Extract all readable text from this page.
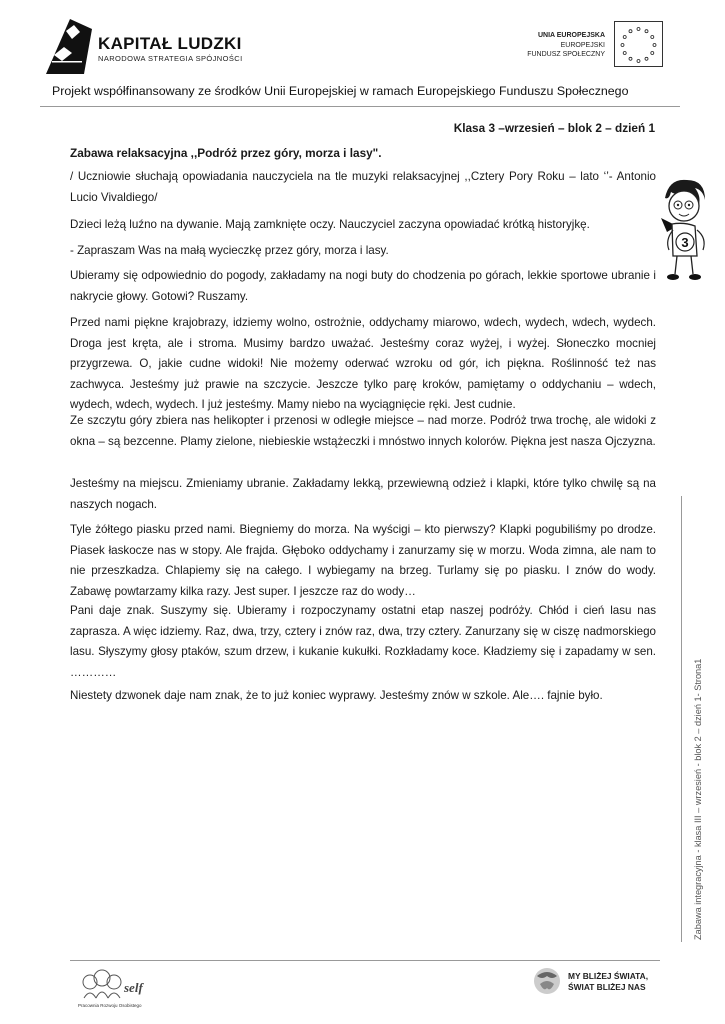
KAPITAŁ LUDZKI
NARODOWA STRATEGIA SPÓJNOŚCI
UNIA EUROPEJSKA
EUROPEJSKI
FUNDUSZ SPOŁECZNY
Projekt współfinansowany ze środków Unii Europejskiej w ramach Europejskiego Funduszu Społecznego
Klasa 3 –wrzesień – blok 2 – dzień 1
Zabawa relaksacyjna ,,Podróż przez góry, morza i lasy".

/ Uczniowie słuchają opowiadania nauczyciela na tle muzyki relaksacyjnej ,,Cztery Pory Roku – lato ‘’- Antonio Lucio Vivaldiego/

Dzieci leżą luźno na dywanie. Mają zamknięte oczy. Nauczyciel zaczyna opowiadać krótką historyjkę.

- Zapraszam Was na małą wycieczkę przez góry, morza i lasy.

Ubieramy się odpowiednio do pogody, zakładamy na nogi buty do chodzenia po górach, lekkie sportowe ubranie i nakrycie głowy. Gotowi? Ruszamy.

Przed nami piękne krajobrazy, idziemy wolno, ostrożnie, oddychamy miarowo, wdech, wydech, wdech, wydech. Droga jest kręta, ale i stroma. Musimy bardzo uważać. Jesteśmy coraz wyżej, i wyżej. Słoneczko mocniej przygrzewa. O, jakie cudne widoki! Nie możemy oderwać wzroku od gór, ich piękna. Roślinność też nas zachwyca. Jesteśmy już prawie na szczycie. Jeszcze tylko parę kroków, pamiętamy o oddychaniu – wdech, wydech, wdech, wydech. I już jesteśmy. Mamy niebo na wyciągnięcie ręki. Jest cudnie.

Ze szczytu góry zbiera nas helikopter i przenosi w odległe miejsce – nad morze. Podróż trwa trochę, ale widoki z okna – są bezcenne. Plamy zielone, niebieskie wstążeczki i mnóstwo innych kolorów. Piękna jest nasza Ojczyzna.

Jesteśmy na miejscu. Zmieniamy ubranie. Zakładamy lekką, przewiewną odzież i klapki, które tylko chwilę są na naszych nogach.

Tyle żółtego piasku przed nami. Biegniemy do morza. Na wyścigi – kto pierwszy? Klapki pogubiliśmy po drodze. Piasek łaskocze nas w stopy. Ale frajda. Głęboko oddychamy i zanurzamy się w morzu. Woda zimna, ale nam to nie przeszkadza. Chlapiemy się na całego. I wybiegamy na brzeg. Turlamy się po piasku. I znów do wody. Zabawę powtarzamy kilka razy. Jest super. I jeszcze raz do wody…

Pani daje znak. Suszymy się. Ubieramy i rozpoczynamy ostatni etap naszej podróży. Chłód i cień lasu nas zaprasza. A więc idziemy. Raz, dwa, trzy, cztery i znów raz, dwa, trzy cztery. Zanurzany się w ciszę nadmorskiego lasu. Słyszymy głosy ptaków, szum drzew, i kukanie kukułki. Rozkładamy koce. Kładziemy się i zapadamy w sen. …………

Niestety dzwonek daje nam znak, że to już koniec wyprawy. Jesteśmy znów w szkole. Ale…. fajnie było.

3
Zabawa integracyjna - klasa III – wrzesień - blok 2 – dzień 1- Strona1
self
Pracownia Rozwoju Osobistego
MY BLIŻEJ ŚWIATA,
ŚWIAT BLIŻEJ NAS
